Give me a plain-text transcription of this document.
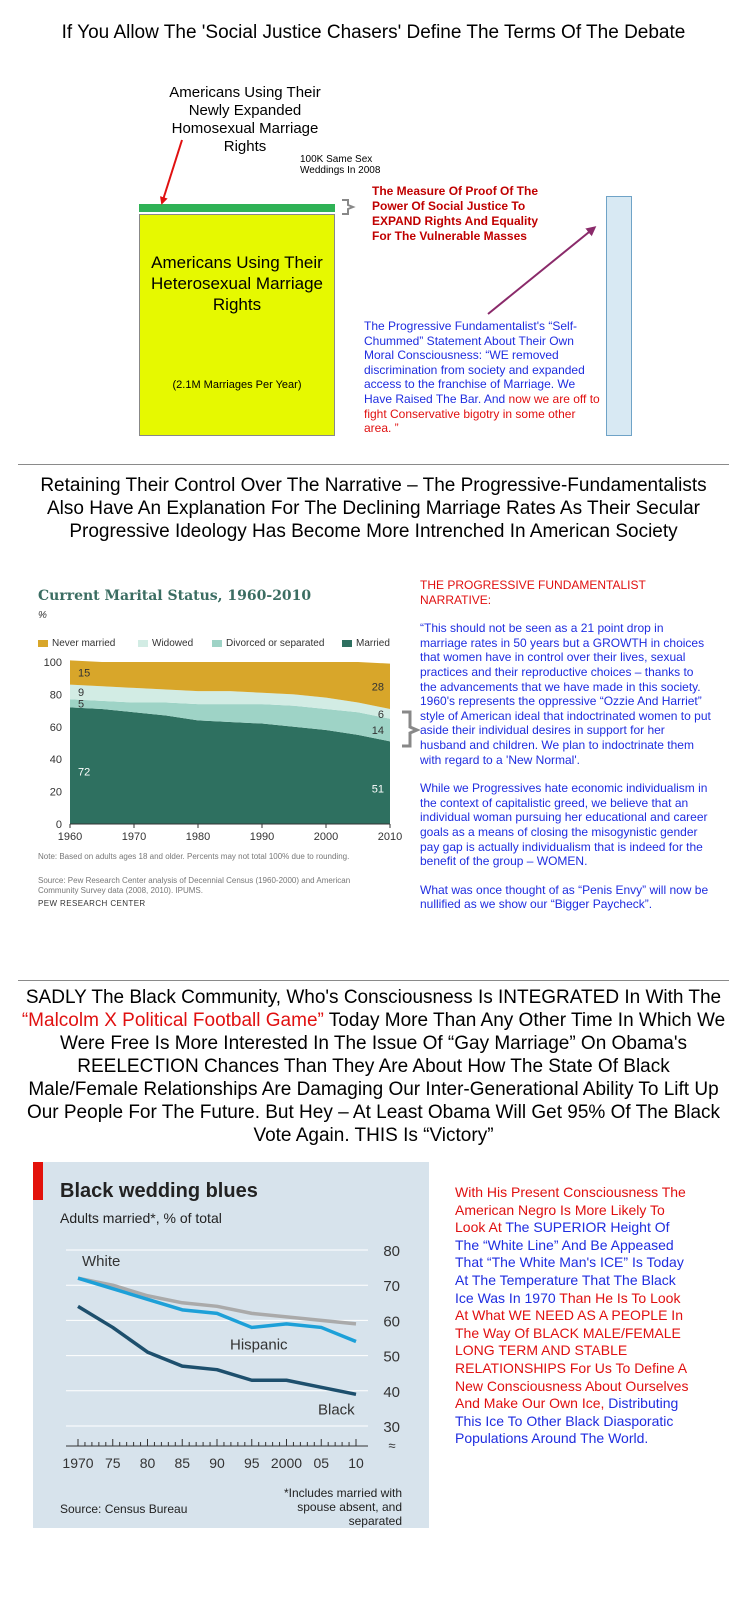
If You Allow The 'Social Justice Chasers' Define The Terms Of The Debate
Americans Using Their Newly Expanded Homosexual Marriage Rights
100K Same Sex Weddings In 2008
Americans Using Their Heterosexual Marriage Rights
(2.1M Marriages Per Year)
The Measure Of Proof Of The Power Of Social Justice To EXPAND Rights And Equality For The Vulnerable Masses
The Progressive Fundamentalist's “Self-Chummed” Statement About Their Own Moral Consciousness: “WE removed discrimination from society and expanded access to the franchise of Marriage. We Have Raised The Bar. And now we are off to fight Conservative bigotry in some other area. ”
Retaining Their Control Over The Narrative – The Progressive-Fundamentalists Also Have An Explanation For The Declining Marriage Rates As Their Secular Progressive Ideology Has Become More Intrenched In American Society
Current Marital Status, 1960-2010
%
Never married	Widowed	Divorced or separated	Married
0
20
40
60
80
100
1960	1970	1980	1990	2000	2010
72
5
9
15
51
14
6
28
Note: Based on adults ages 18 and older. Percents may not total 100% due to rounding.
Source: Pew Research Center analysis of Decennial Census (1960-2000) and American Community Survey data (2008, 2010). IPUMS.
PEW RESEARCH CENTER

THE PROGRESSIVE FUNDAMENTALIST NARRATIVE:

“This should not be seen as a 21 point drop in marriage rates in 50 years but a GROWTH in choices that women have in control over their lives, sexual practices and their reproductive choices – thanks to the advancements that we have made in this society. 1960's represents the oppressive “Ozzie And Harriet” style of American ideal that indoctrinated women to put aside their individual desires in support for her husband and children. We plan to indoctrinate them with regard to a 'New Normal'.

While we Progressives hate economic individualism in the context of capitalistic greed, we believe that an individual woman pursuing her educational and career goals as a means of closing the misogynistic gender pay gap is actually individualism that is indeed for the benefit of the group – WOMEN.

What was once thought of as “Penis Envy” will now be nullified as we show our “Bigger Paycheck”.

SADLY The Black Community, Who's Consciousness Is INTEGRATED In With The “Malcolm X Political Football Game” Today More Than Any Other Time In Which We Were Free Is More Interested In The Issue Of “Gay Marriage” On Obama's REELECTION Chances Than They Are About How The State Of Black Male/Female Relationships Are Damaging Our Inter-Generational Ability To Lift Up Our People For The Future. But Hey – At Least Obama Will Get 95% Of The Black Vote Again. THIS Is “Victory”
Black wedding blues
Adults married*, % of total
30
40
50
60
70
80
1970 75 80 85 90 95 2000 05 10
≈
White
Hispanic
Black
Source: Census Bureau
*Includes married with spouse absent, and separated
With His Present Consciousness The American Negro Is More Likely To Look At The SUPERIOR Height Of The “White Line” And Be Appeased That “The White Man's ICE” Is Today At The Temperature That The Black Ice Was In 1970 Than He Is To Look At What WE NEED AS A PEOPLE In The Way Of BLACK MALE/FEMALE LONG TERM AND STABLE RELATIONSHIPS For Us To Define A New Consciousness About Ourselves And Make Our Own Ice, Distributing This Ice To Other Black Diasporatic Populations Around The World.
